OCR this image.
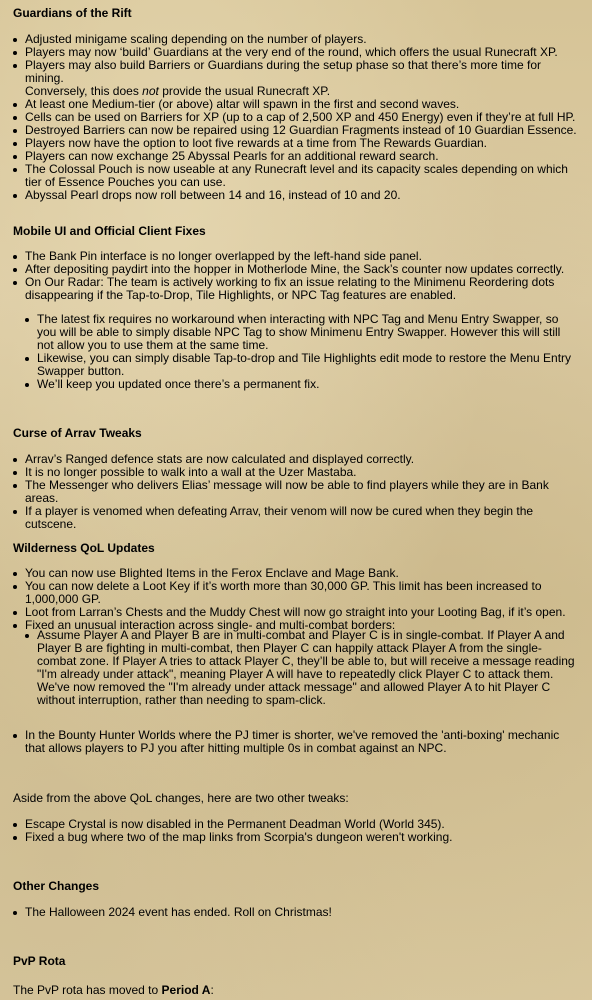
Guardians of the Rift
Adjusted minigame scaling depending on the number of players.
Players may now ‘build’ Guardians at the very end of the round, which offers the usual Runecraft XP.
Players may also build Barriers or Guardians during the setup phase so that there’s more time for mining.
Conversely, this does not provide the usual Runecraft XP.
At least one Medium-tier (or above) altar will spawn in the first and second waves.
Cells can be used on Barriers for XP (up to a cap of 2,500 XP and 450 Energy) even if they’re at full HP.
Destroyed Barriers can now be repaired using 12 Guardian Fragments instead of 10 Guardian Essence.
Players now have the option to loot five rewards at a time from The Rewards Guardian.
Players can now exchange 25 Abyssal Pearls for an additional reward search.
The Colossal Pouch is now useable at any Runecraft level and its capacity scales depending on which tier of Essence Pouches you can use.
Abyssal Pearl drops now roll between 14 and 16, instead of 10 and 20.
Mobile UI and Official Client Fixes
The Bank Pin interface is no longer overlapped by the left-hand side panel.
After depositing paydirt into the hopper in Motherlode Mine, the Sack’s counter now updates correctly.
On Our Radar: The team is actively working to fix an issue relating to the Minimenu Reordering dots disappearing if the Tap-to-Drop, Tile Highlights, or NPC Tag features are enabled.
The latest fix requires no workaround when interacting with NPC Tag and Menu Entry Swapper, so you will be able to simply disable NPC Tag to show Minimenu Entry Swapper. However this will still not allow you to use them at the same time.
Likewise, you can simply disable Tap-to-drop and Tile Highlights edit mode to restore the Menu Entry Swapper button.
We’ll keep you updated once there’s a permanent fix.
Curse of Arrav Tweaks
Arrav’s Ranged defence stats are now calculated and displayed correctly.
It is no longer possible to walk into a wall at the Uzer Mastaba.
The Messenger who delivers Elias’ message will now be able to find players while they are in Bank areas.
If a player is venomed when defeating Arrav, their venom will now be cured when they begin the cutscene.
Wilderness QoL Updates
You can now use Blighted Items in the Ferox Enclave and Mage Bank.
You can now delete a Loot Key if it’s worth more than 30,000 GP. This limit has been increased to 1,000,000 GP.
Loot from Larran’s Chests and the Muddy Chest will now go straight into your Looting Bag, if it’s open.
Fixed an unusual interaction across single- and multi-combat borders:
Assume Player A and Player B are in multi-combat and Player C is in single-combat. If Player A and Player B are fighting in multi-combat, then Player C can happily attack Player A from the single-combat zone. If Player A tries to attack Player C, they’ll be able to, but will receive a message reading "I'm already under attack", meaning Player A will have to repeatedly click Player C to attack them. We've now removed the "I'm already under attack message" and allowed Player A to hit Player C without interruption, rather than needing to spam-click.
In the Bounty Hunter Worlds where the PJ timer is shorter, we've removed the 'anti-boxing' mechanic that allows players to PJ you after hitting multiple 0s in combat against an NPC.

Aside from the above QoL changes, here are two other tweaks:

Escape Crystal is now disabled in the Permanent Deadman World (World 345).
Fixed a bug where two of the map links from Scorpia's dungeon weren't working.
Other Changes
The Halloween 2024 event has ended. Roll on Christmas!
PvP Rota

The PvP rota has moved to Period A:
